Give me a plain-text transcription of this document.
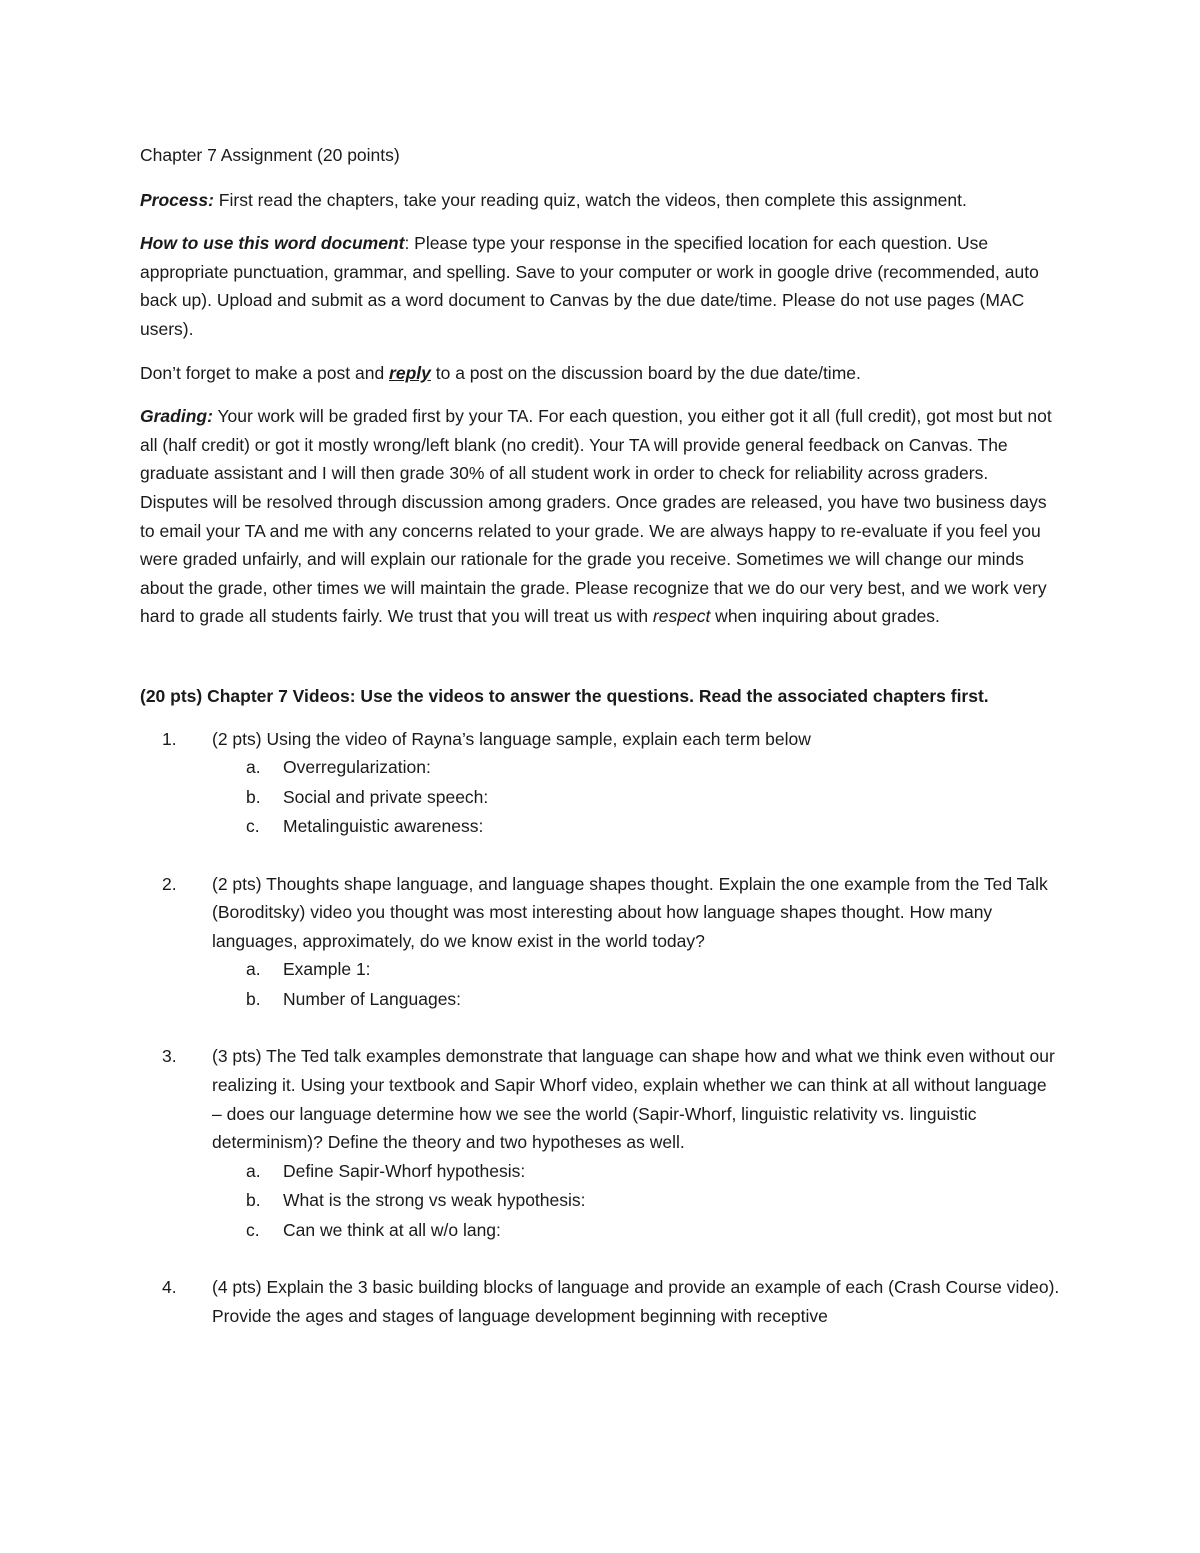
Chapter 7 Assignment (20 points)

Process: First read the chapters, take your reading quiz, watch the videos, then complete this assignment.

How to use this word document: Please type your response in the specified location for each question. Use appropriate punctuation, grammar, and spelling. Save to your computer or work in google drive (recommended, auto back up). Upload and submit as a word document to Canvas by the due date/time. Please do not use pages (MAC users).

Don’t forget to make a post and reply to a post on the discussion board by the due date/time.

Grading: Your work will be graded first by your TA. For each question, you either got it all (full credit), got most but not all (half credit) or got it mostly wrong/left blank (no credit). Your TA will provide general feedback on Canvas. The graduate assistant and I will then grade 30% of all student work in order to check for reliability across graders. Disputes will be resolved through discussion among graders. Once grades are released, you have two business days to email your TA and me with any concerns related to your grade. We are always happy to re-evaluate if you feel you were graded unfairly, and will explain our rationale for the grade you receive. Sometimes we will change our minds about the grade, other times we will maintain the grade. Please recognize that we do our very best, and we work very hard to grade all students fairly. We trust that you will treat us with respect when inquiring about grades.

(20 pts) Chapter 7 Videos: Use the videos to answer the questions. Read the associated chapters first.

1. (2 pts) Using the video of Rayna’s language sample, explain each term below
a. Overregularization:
b. Social and private speech:
c. Metalinguistic awareness:
2. (2 pts) Thoughts shape language, and language shapes thought. Explain the one example from the Ted Talk (Boroditsky) video you thought was most interesting about how language shapes thought. How many languages, approximately, do we know exist in the world today?
a. Example 1:
b. Number of Languages:
3. (3 pts) The Ted talk examples demonstrate that language can shape how and what we think even without our realizing it. Using your textbook and Sapir Whorf video, explain whether we can think at all without language – does our language determine how we see the world (Sapir-Whorf, linguistic relativity vs. linguistic determinism)? Define the theory and two hypotheses as well.
a. Define Sapir-Whorf hypothesis:
b. What is the strong vs weak hypothesis:
c. Can we think at all w/o lang:
4. (4 pts) Explain the 3 basic building blocks of language and provide an example of each (Crash Course video). Provide the ages and stages of language development beginning with receptive
